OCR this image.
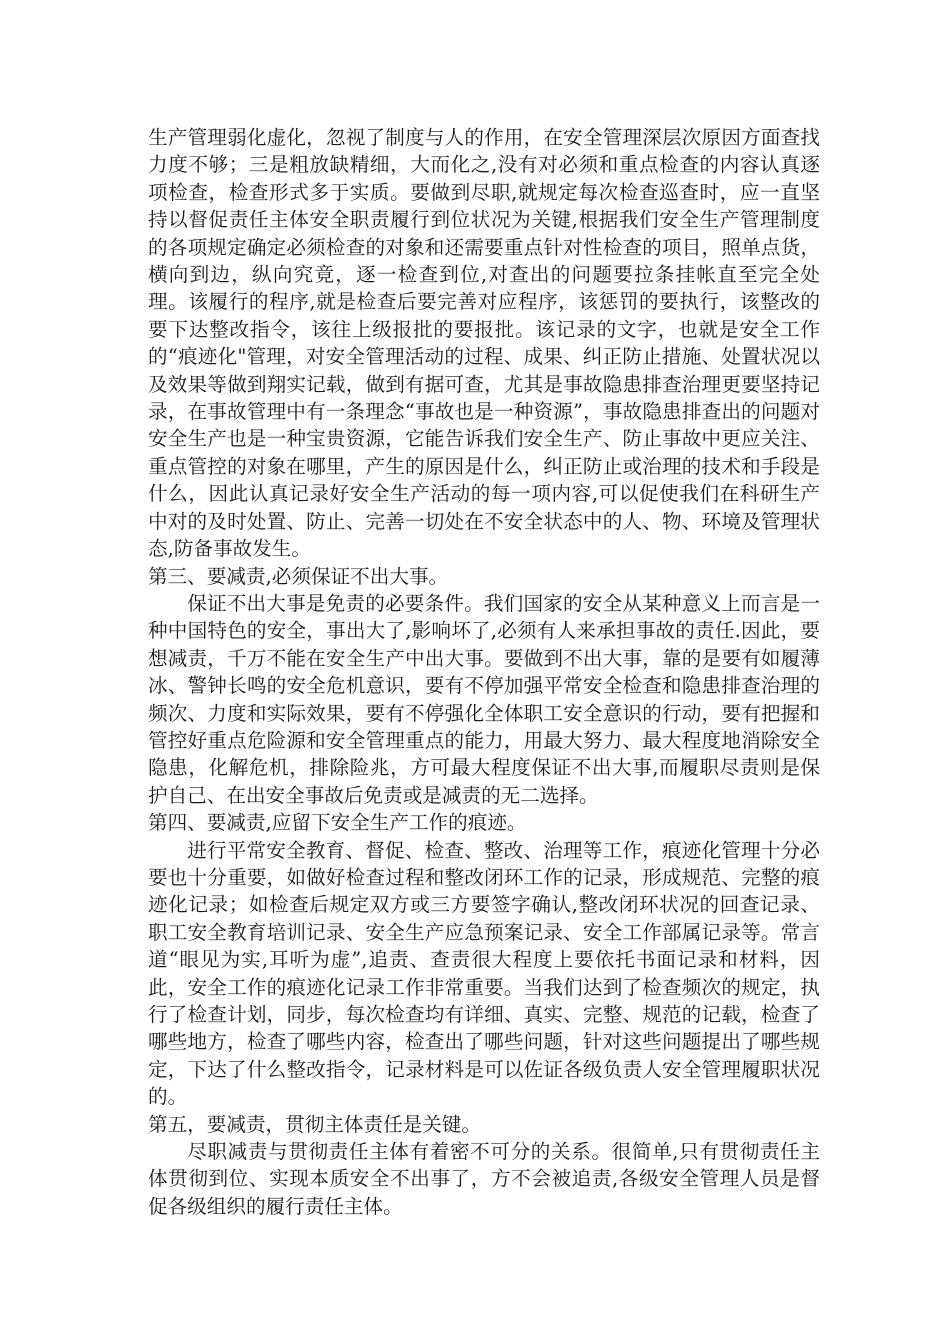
生产管理弱化虚化，忽视了制度与人的作用，在安全管理深层次原因方面查找力度不够；三是粗放缺精细，大而化之,没有对必须和重点检查的内容认真逐项检查，检查形式多于实质。要做到尽职,就规定每次检查巡查时，应一直坚持以督促责任主体安全职责履行到位状况为关键,根据我们安全生产管理制度的各项规定确定必须检查的对象和还需要重点针对性检查的项目，照单点货，横向到边，纵向究竟，逐一检查到位,对查出的问题要拉条挂帐直至完全处理。该履行的程序,就是检查后要完善对应程序，该惩罚的要执行，该整改的要下达整改指令，该往上级报批的要报批。该记录的文字，也就是安全工作的“痕迹化"管理，对安全管理活动的过程、成果、纠正防止措施、处置状况以及效果等做到翔实记载，做到有据可查，尤其是事故隐患排查治理更要坚持记录，在事故管理中有一条理念“事故也是一种资源”，事故隐患排查出的问题对安全生产也是一种宝贵资源，它能告诉我们安全生产、防止事故中更应关注、重点管控的对象在哪里，产生的原因是什么，纠正防止或治理的技术和手段是什么，因此认真记录好安全生产活动的每一项内容,可以促使我们在科研生产中对的及时处置、防止、完善一切处在不安全状态中的人、物、环境及管理状态,防备事故发生。

第三、要减责,必须保证不出大事。

保证不出大事是免责的必要条件。我们国家的安全从某种意义上而言是一种中国特色的安全，事出大了,影响坏了,必须有人来承担事故的责任.因此，要想减责，千万不能在安全生产中出大事。要做到不出大事，靠的是要有如履薄冰、警钟长鸣的安全危机意识，要有不停加强平常安全检查和隐患排查治理的频次、力度和实际效果，要有不停强化全体职工安全意识的行动，要有把握和管控好重点危险源和安全管理重点的能力，用最大努力、最大程度地消除安全隐患，化解危机，排除险兆，方可最大程度保证不出大事,而履职尽责则是保护自己、在出安全事故后免责或是减责的无二选择。

第四、要减责,应留下安全生产工作的痕迹。

进行平常安全教育、督促、检查、整改、治理等工作，痕迹化管理十分必要也十分重要，如做好检查过程和整改闭环工作的记录，形成规范、完整的痕迹化记录；如检查后规定双方或三方要签字确认,整改闭环状况的回查记录、职工安全教育培训记录、安全生产应急预案记录、安全工作部属记录等。常言道“眼见为实,耳听为虚”,追责、查责很大程度上要依托书面记录和材料，因此，安全工作的痕迹化记录工作非常重要。当我们达到了检查频次的规定，执行了检查计划，同步，每次检查均有详细、真实、完整、规范的记载，检查了哪些地方，检查了哪些内容，检查出了哪些问题，针对这些问题提出了哪些规定，下达了什么整改指令，记录材料是可以佐证各级负责人安全管理履职状况的。

第五，要减责，贯彻主体责任是关键。

尽职减责与贯彻责任主体有着密不可分的关系。很简单,只有贯彻责任主体贯彻到位、实现本质安全不出事了，方不会被追责,各级安全管理人员是督促各级组织的履行责任主体。
